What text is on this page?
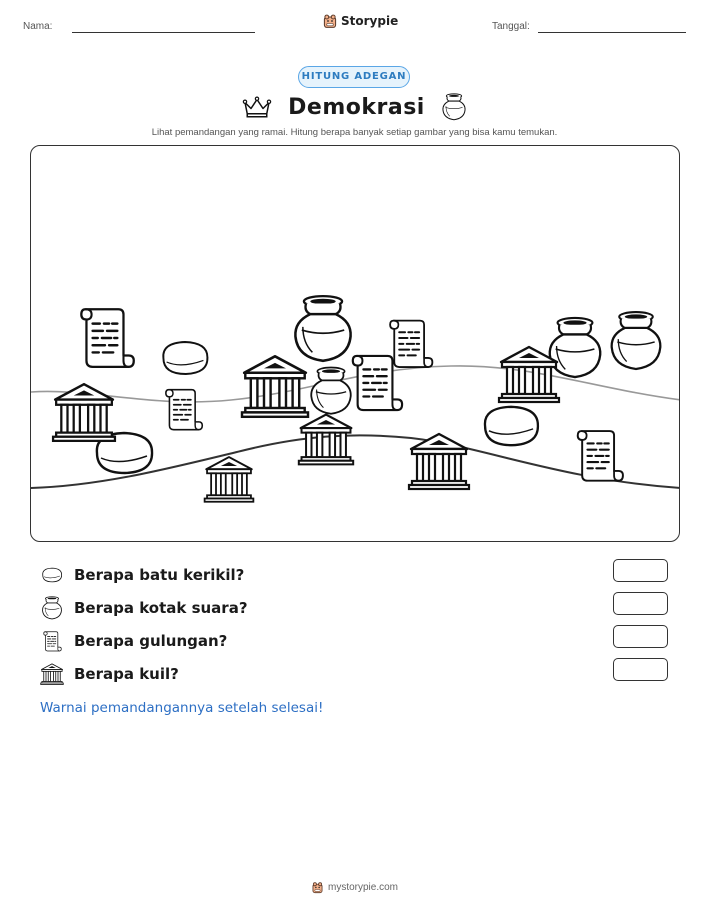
Nama:	Storypie	Tanggal:
HITUNG ADEGAN
Demokrasi
Lihat pemandangan yang ramai. Hitung berapa banyak setiap gambar yang bisa kamu temukan.
Berapa batu kerikil?
Berapa kotak suara?
Berapa gulungan?
Berapa kuil?
Warnai pemandangannya setelah selesai!
mystorypie.com
